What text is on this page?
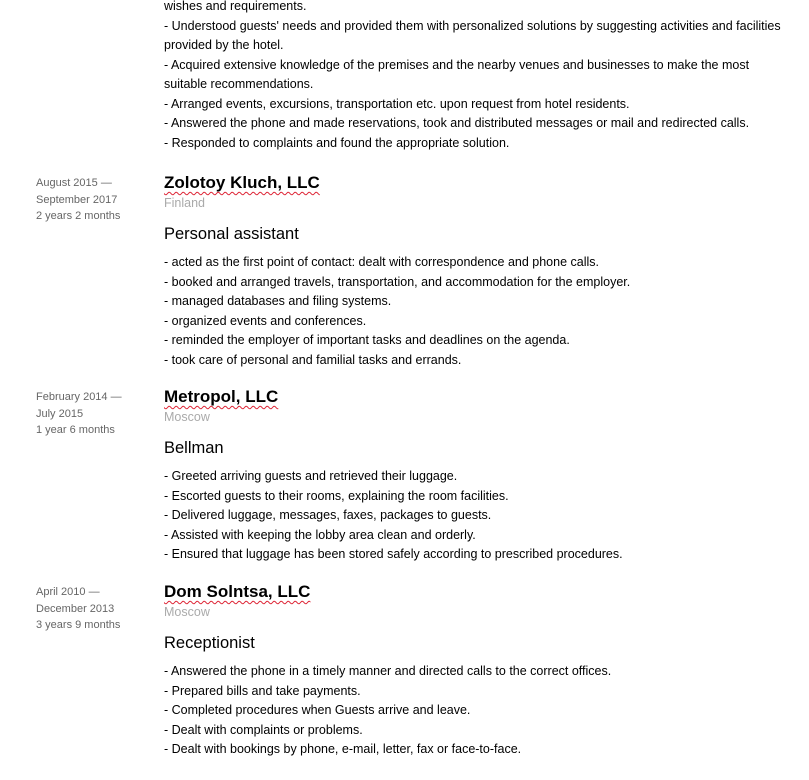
wishes and requirements.
- Understood guests' needs and provided them with personalized solutions by suggesting activities and facilities provided by the hotel.
- Acquired extensive knowledge of the premises and the nearby venues and businesses to make the most suitable recommendations.
- Arranged events, excursions, transportation etc. upon request from hotel residents.
- Answered the phone and made reservations, took and distributed messages or mail and redirected calls.
- Responded to complaints and found the appropriate solution.
August 2015 —
September 2017
2 years 2 months
Zolotoy Kluch, LLC
Finland
Personal assistant
- acted as the first point of contact: dealt with correspondence and phone calls.
- booked and arranged travels, transportation, and accommodation for the employer.
- managed databases and filing systems.
- organized events and conferences.
- reminded the employer of important tasks and deadlines on the agenda.
- took care of personal and familial tasks and errands.
February 2014 —
July 2015
1 year 6 months
Metropol, LLC
Moscow
Bellman
- Greeted arriving guests and retrieved their luggage.
- Escorted guests to their rooms, explaining the room facilities.
- Delivered luggage, messages, faxes, packages to guests.
- Assisted with keeping the lobby area clean and orderly.
- Ensured that luggage has been stored safely according to prescribed procedures.
April 2010 —
December 2013
3 years 9 months
Dom Solntsa, LLC
Moscow
Receptionist
- Answered the phone in a timely manner and directed calls to the correct offices.
- Prepared bills and take payments.
- Completed procedures when Guests arrive and leave.
- Dealt with complaints or problems.
- Dealt with bookings by phone, e-mail, letter, fax or face-to-face.
